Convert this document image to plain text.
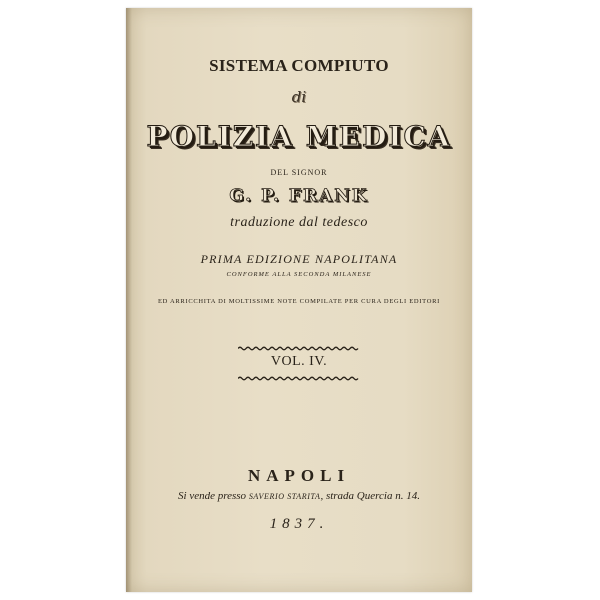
SISTEMA COMPIUTO
di
POLIZIA MEDICA
DEL SIGNOR
G. P. FRANK
traduzione dal tedesco
PRIMA EDIZIONE NAPOLITANA
CONFORME ALLA SECONDA MILANESE
ED ARRICCHITA DI MOLTISSIME NOTE COMPILATE PER CURA DEGLI EDITORI
VOL. IV.
NAPOLI
Si vende presso SAVERIO STARITA, strada Quercia n. 14.
1837.
